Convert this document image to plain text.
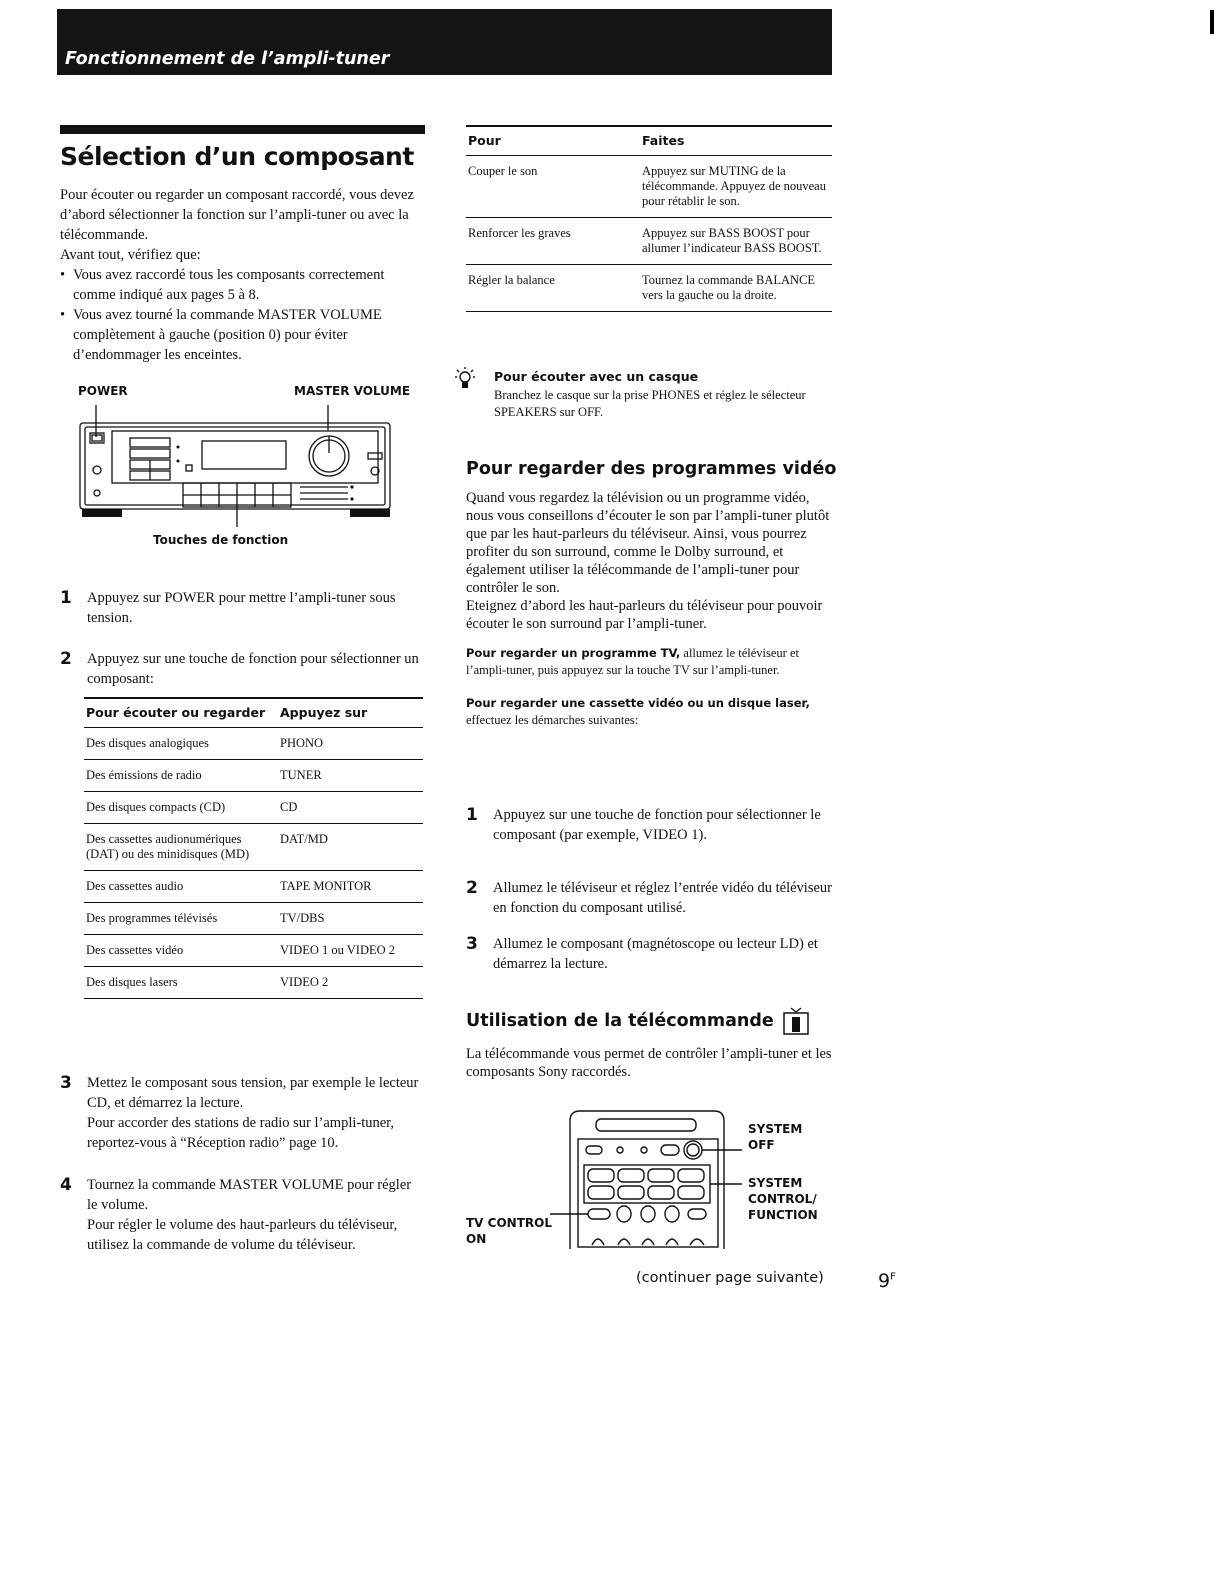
Fonctionnement de l’ampli-tuner
Sélection d’un composant

Pour écouter ou regarder un composant raccordé, vous devez d’abord sélectionner la fonction sur l’ampli-tuner ou avec la télécommande.

Avant tout, vérifiez que:

• Vous avez raccordé tous les composants correctement comme indiqué aux pages 5 à 8.
• Vous avez tourné la commande MASTER VOLUME complètement à gauche (position 0) pour éviter d’endommager les enceintes.
POWER	MASTER VOLUME
Touches de fonction
1 Appuyez sur POWER pour mettre l’ampli-tuner sous tension.
2 Appuyez sur une touche de fonction pour sélectionner un composant:
Pour écouter ou regarder	Appuyez sur
Des disques analogiques	PHONO
Des émissions de radio	TUNER
Des disques compacts (CD)	CD
Des cassettes audionumériques (DAT) ou des minidisques (MD)	DAT/MD
Des cassettes audio	TAPE MONITOR
Des programmes télévisés	TV/DBS
Des cassettes vidéo	VIDEO 1 ou VIDEO 2
Des disques lasers	VIDEO 2
3 Mettez le composant sous tension, par exemple le lecteur CD, et démarrez la lecture.
Pour accorder des stations de radio sur l’ampli-tuner, reportez-vous à “Réception radio” page 10.
4 Tournez la commande MASTER VOLUME pour régler le volume.
Pour régler le volume des haut-parleurs du téléviseur, utilisez la commande de volume du téléviseur.
Pour	Faites
Couper le son	Appuyez sur MUTING de la télécommande. Appuyez de nouveau pour rétablir le son.
Renforcer les graves	Appuyez sur BASS BOOST pour allumer l’indicateur BASS BOOST.
Régler la balance	Tournez la commande BALANCE vers la gauche ou la droite.
Pour écouter avec un casque
Branchez le casque sur la prise PHONES et réglez le sélecteur SPEAKERS sur OFF.
Pour regarder des programmes vidéo

Quand vous regardez la télévision ou un programme vidéo, nous vous conseillons d’écouter le son par l’ampli-tuner plutôt que par les haut-parleurs du téléviseur. Ainsi, vous pourrez profiter du son surround, comme le Dolby surround, et également utiliser la télécommande de l’ampli-tuner pour contrôler le son.

Eteignez d’abord les haut-parleurs du téléviseur pour pouvoir écouter le son surround par l’ampli-tuner.

Pour regarder un programme TV, allumez le téléviseur et l’ampli-tuner, puis appuyez sur la touche TV sur l’ampli-tuner.

Pour regarder une cassette vidéo ou un disque laser, effectuez les démarches suivantes:

1 Appuyez sur une touche de fonction pour sélectionner le composant (par exemple, VIDEO 1).
2 Allumez le téléviseur et réglez l’entrée vidéo du téléviseur en fonction du composant utilisé.
3 Allumez le composant (magnétoscope ou lecteur LD) et démarrez la lecture.
Utilisation de la télécommande

La télécommande vous permet de contrôler l’ampli-tuner et les composants Sony raccordés.

SYSTEM
OFF
SYSTEM
CONTROL/
FUNCTION
TV CONTROL
ON
(continuer page suivante)	$9^F$
